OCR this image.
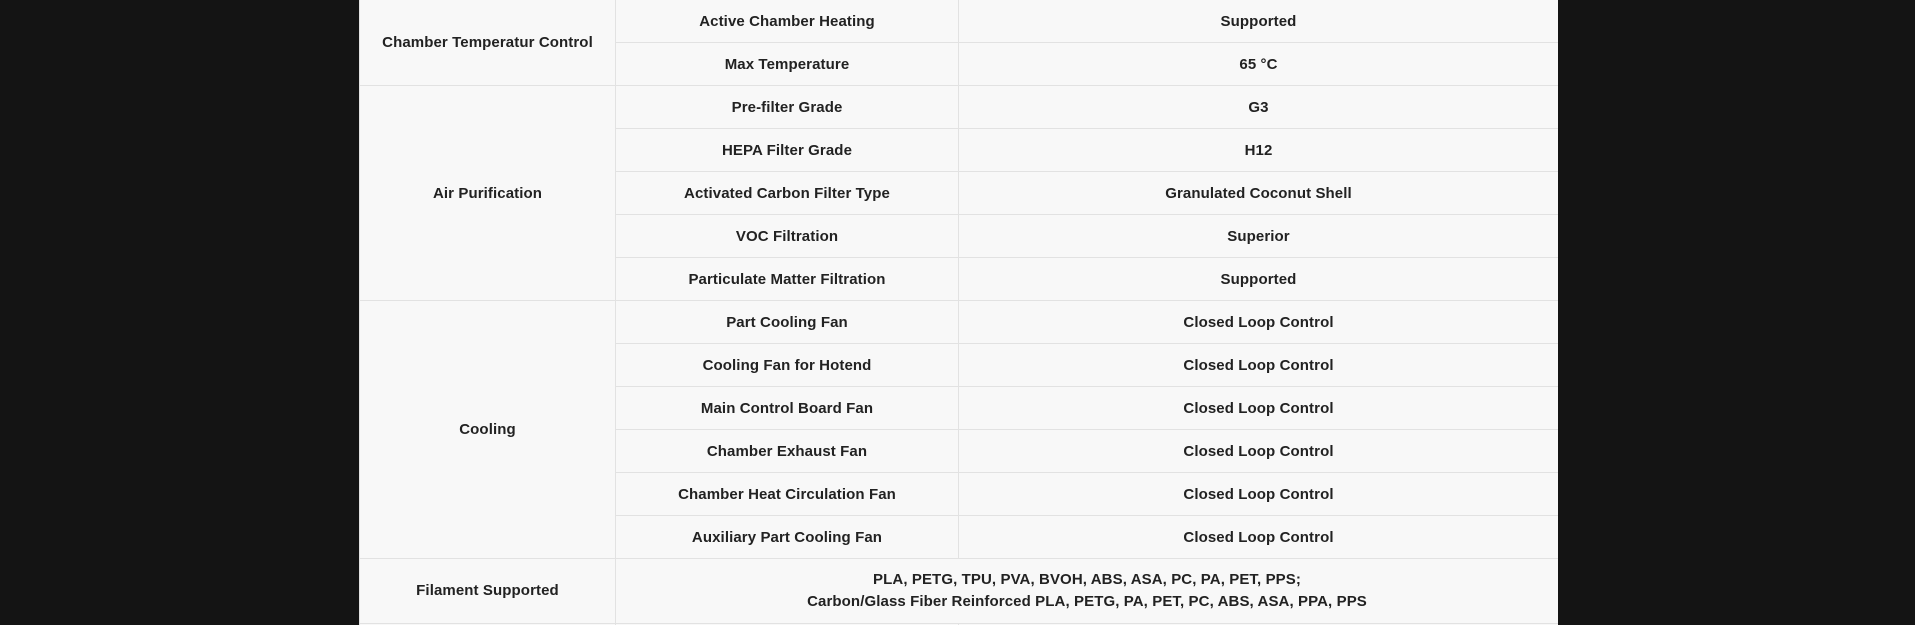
Chamber Temperatur Control	Active Chamber Heating	Supported
	Max Temperature	65 °C
Air Purification	Pre-filter Grade	G3
	HEPA Filter Grade	H12
	Activated Carbon Filter Type	Granulated Coconut Shell
	VOC Filtration	Superior
	Particulate Matter Filtration	Supported
Cooling	Part Cooling Fan	Closed Loop Control
	Cooling Fan for Hotend	Closed Loop Control
	Main Control Board Fan	Closed Loop Control
	Chamber Exhaust Fan	Closed Loop Control
	Chamber Heat Circulation Fan	Closed Loop Control
	Auxiliary Part Cooling Fan	Closed Loop Control
Filament Supported	PLA, PETG, TPU, PVA, BVOH, ABS, ASA, PC, PA, PET, PPS;
Carbon/Glass Fiber Reinforced PLA, PETG, PA, PET, PC, ABS, ASA, PPA, PPS	
